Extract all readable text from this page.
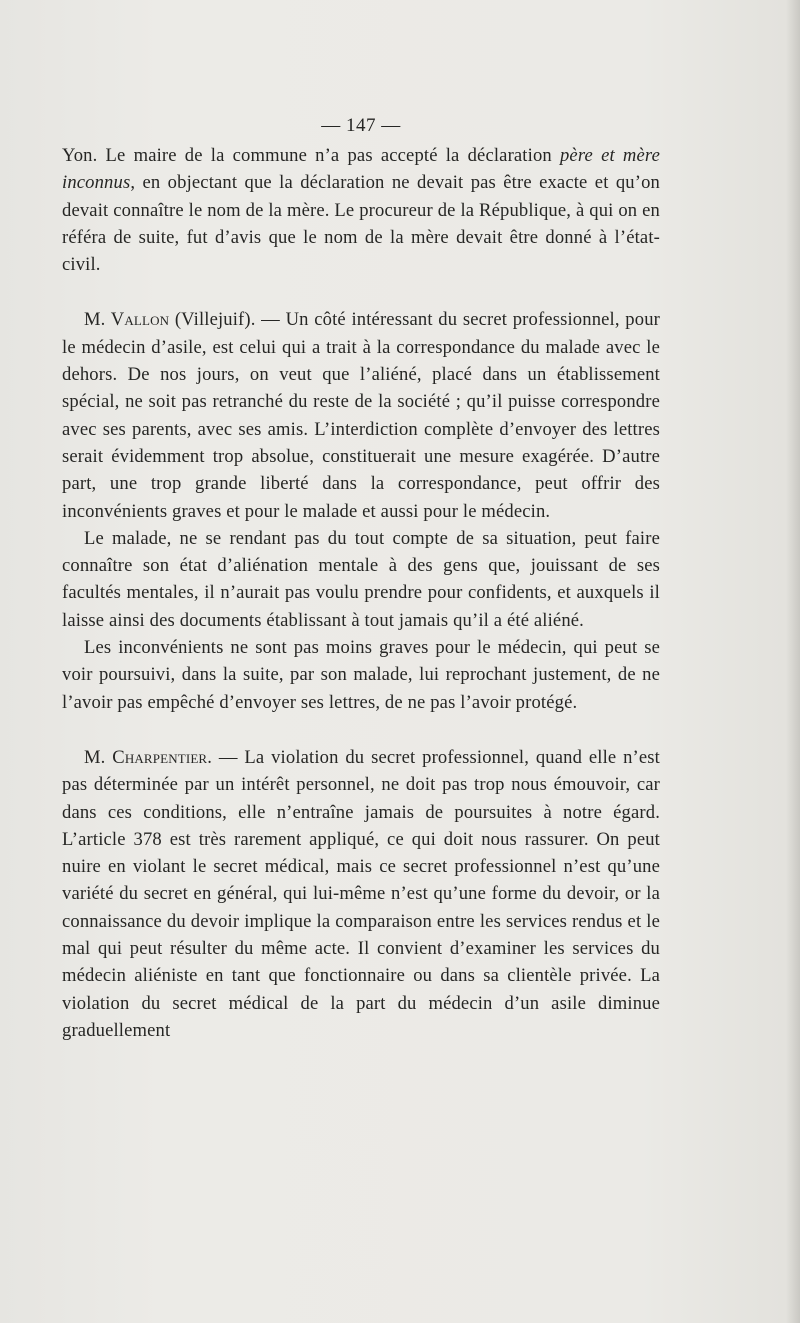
— 147 —

Yon. Le maire de la commune n’a pas accepté la déclaration père et mère inconnus, en objectant que la déclaration ne devait pas être exacte et qu’on devait connaître le nom de la mère. Le procureur de la République, à qui on en référa de suite, fut d’avis que le nom de la mère devait être donné à l’état-civil.

M. Vallon (Villejuif). — Un côté intéressant du secret professionnel, pour le médecin d’asile, est celui qui a trait à la correspondance du malade avec le dehors. De nos jours, on veut que l’aliéné, placé dans un établissement spécial, ne soit pas retranché du reste de la société ; qu’il puisse correspondre avec ses parents, avec ses amis. L’interdiction complète d’envoyer des lettres serait évidemment trop absolue, constituerait une mesure exagérée. D’autre part, une trop grande liberté dans la correspondance, peut offrir des inconvénients graves et pour le malade et aussi pour le médecin.

Le malade, ne se rendant pas du tout compte de sa situation, peut faire connaître son état d’aliénation mentale à des gens que, jouissant de ses facultés mentales, il n’aurait pas voulu prendre pour confidents, et auxquels il laisse ainsi des documents établissant à tout jamais qu’il a été aliéné.

Les inconvénients ne sont pas moins graves pour le médecin, qui peut se voir poursuivi, dans la suite, par son malade, lui reprochant justement, de ne l’avoir pas empêché d’envoyer ses lettres, de ne pas l’avoir protégé.

M. Charpentier. — La violation du secret professionnel, quand elle n’est pas déterminée par un intérêt personnel, ne doit pas trop nous émouvoir, car dans ces conditions, elle n’entraîne jamais de poursuites à notre égard. L’article 378 est très rarement appliqué, ce qui doit nous rassurer. On peut nuire en violant le secret médical, mais ce secret professionnel n’est qu’une variété du secret en général, qui lui-même n’est qu’une forme du devoir, or la connaissance du devoir implique la comparaison entre les services rendus et le mal qui peut résulter du même acte. Il convient d’examiner les services du médecin aliéniste en tant que fonctionnaire ou dans sa clientèle privée. La violation du secret médical de la part du médecin d’un asile diminue graduellement
